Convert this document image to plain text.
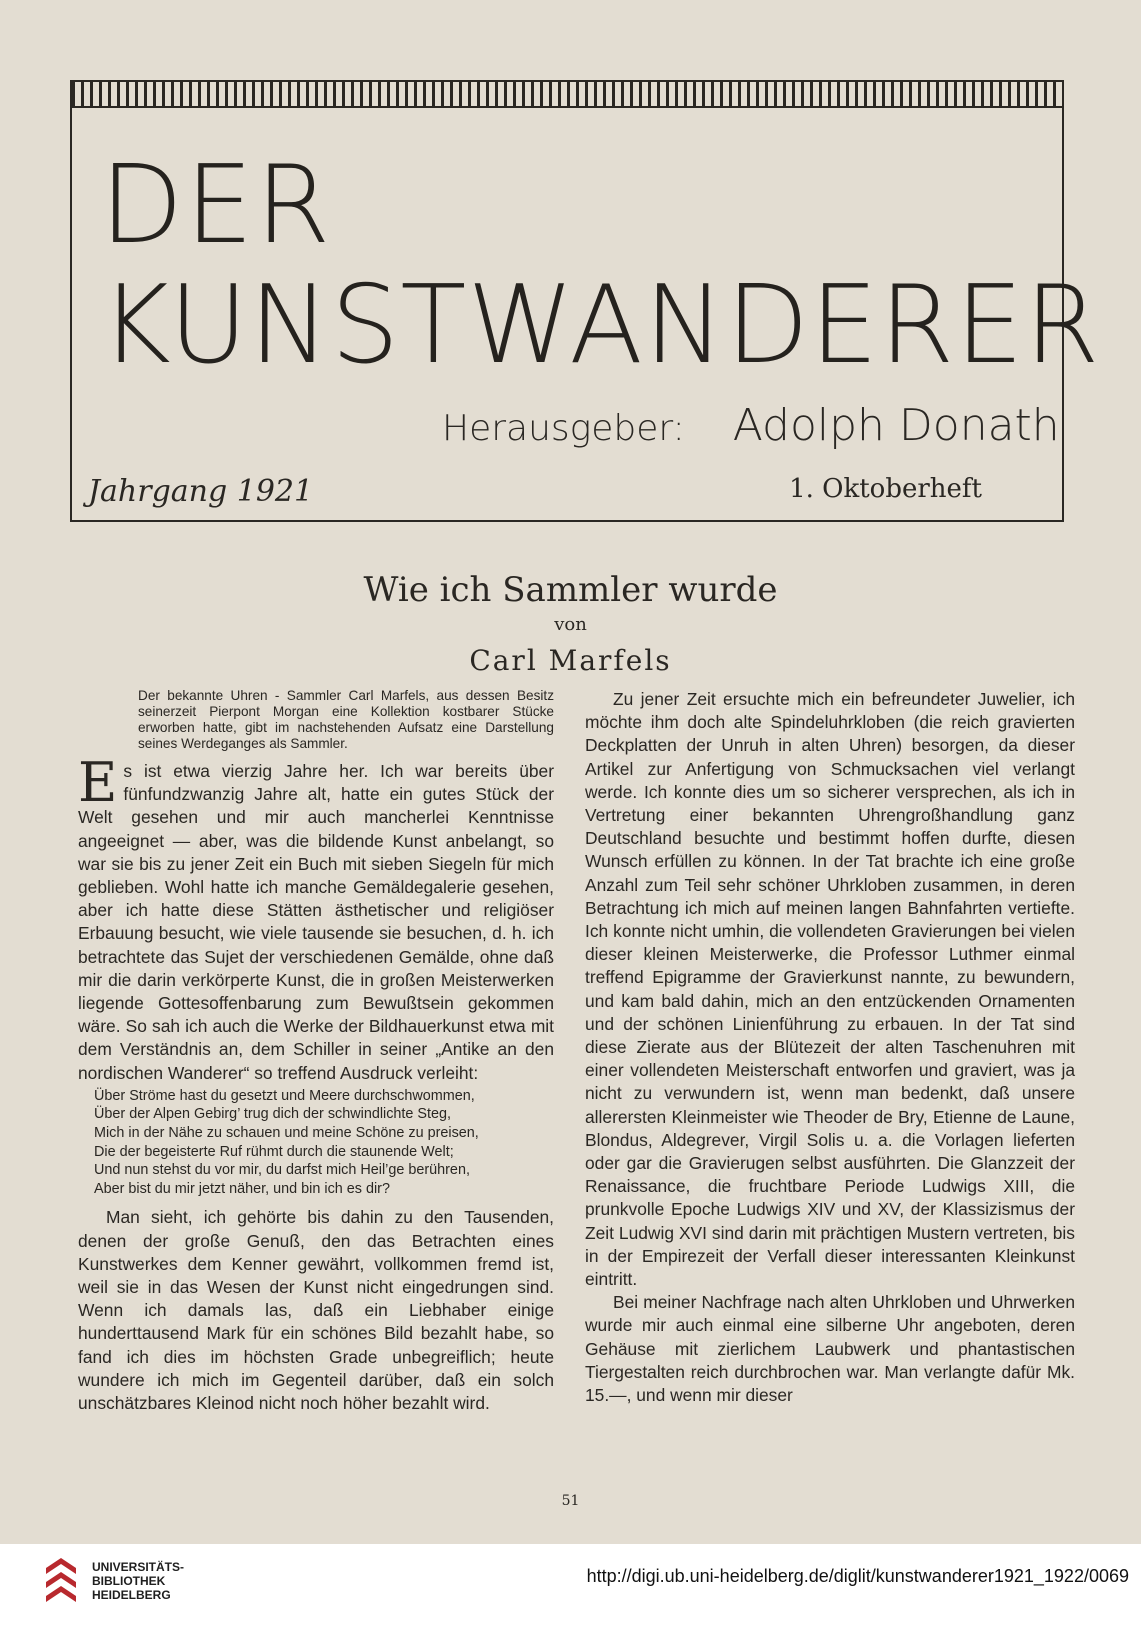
DER
KUNSTWANDERER
Herausgeber: Adolph Donath
Jahrgang 1921	1. Oktoberheft
Wie ich Sammler wurde
von
Carl Marfels
Der bekannte Uhren - Sammler Carl Marfels, aus dessen Besitz seinerzeit Pierpont Morgan eine Kollektion kostbarer Stücke erworben hatte, gibt im nachstehenden Aufsatz eine Darstellung seines Werdeganges als Sammler.

Es ist etwa vierzig Jahre her. Ich war bereits über fünfundzwanzig Jahre alt, hatte ein gutes Stück der Welt gesehen und mir auch mancherlei Kenntnisse angeeignet — aber, was die bildende Kunst anbelangt, so war sie bis zu jener Zeit ein Buch mit sieben Siegeln für mich geblieben. Wohl hatte ich manche Gemäldegalerie gesehen, aber ich hatte diese Stätten ästhetischer und religiöser Erbauung besucht, wie viele tausende sie besuchen, d. h. ich betrachtete das Sujet der verschiedenen Gemälde, ohne daß mir die darin verkörperte Kunst, die in großen Meisterwerken liegende Gottesoffenbarung zum Bewußtsein gekommen wäre. So sah ich auch die Werke der Bildhauerkunst etwa mit dem Verständnis an, dem Schiller in seiner „Antike an den nordischen Wanderer“ so treffend Ausdruck verleiht:

Über Ströme hast du gesetzt und Meere durchschwommen,
Über der Alpen Gebirg’ trug dich der schwindlichte Steg,
Mich in der Nähe zu schauen und meine Schöne zu preisen,
Die der begeisterte Ruf rühmt durch die staunende Welt;
Und nun stehst du vor mir, du darfst mich Heil’ge berühren,
Aber bist du mir jetzt näher, und bin ich es dir?

Man sieht, ich gehörte bis dahin zu den Tausenden, denen der große Genuß, den das Betrachten eines Kunstwerkes dem Kenner gewährt, vollkommen fremd ist, weil sie in das Wesen der Kunst nicht eingedrungen sind. Wenn ich damals las, daß ein Liebhaber einige hunderttausend Mark für ein schönes Bild bezahlt habe, so fand ich dies im höchsten Grade unbegreiflich; heute wundere ich mich im Gegenteil darüber, daß ein solch unschätzbares Kleinod nicht noch höher bezahlt wird.

Zu jener Zeit ersuchte mich ein befreundeter Juwelier, ich möchte ihm doch alte Spindeluhrkloben (die reich gravierten Deckplatten der Unruh in alten Uhren) besorgen, da dieser Artikel zur Anfertigung von Schmucksachen viel verlangt werde. Ich konnte dies um so sicherer versprechen, als ich in Vertretung einer bekannten Uhrengroßhandlung ganz Deutschland besuchte und bestimmt hoffen durfte, diesen Wunsch erfüllen zu können. In der Tat brachte ich eine große Anzahl zum Teil sehr schöner Uhrkloben zusammen, in deren Betrachtung ich mich auf meinen langen Bahnfahrten vertiefte. Ich konnte nicht umhin, die vollendeten Gravierungen bei vielen dieser kleinen Meisterwerke, die Professor Luthmer einmal treffend Epigramme der Gravierkunst nannte, zu bewundern, und kam bald dahin, mich an den entzückenden Ornamenten und der schönen Linienführung zu erbauen. In der Tat sind diese Zierate aus der Blütezeit der alten Taschenuhren mit einer vollendeten Meisterschaft entworfen und graviert, was ja nicht zu verwundern ist, wenn man bedenkt, daß unsere allerersten Kleinmeister wie Theoder de Bry, Etienne de Laune, Blondus, Aldegrever, Virgil Solis u. a. die Vorlagen lieferten oder gar die Gravierugen selbst ausführten. Die Glanzzeit der Renaissance, die fruchtbare Periode Ludwigs XIII, die prunkvolle Epoche Ludwigs XIV und XV, der Klassizismus der Zeit Ludwig XVI sind darin mit prächtigen Mustern vertreten, bis in der Empirezeit der Verfall dieser interessanten Kleinkunst eintritt.

Bei meiner Nachfrage nach alten Uhrkloben und Uhrwerken wurde mir auch einmal eine silberne Uhr angeboten, deren Gehäuse mit zierlichem Laubwerk und phantastischen Tiergestalten reich durchbrochen war. Man verlangte dafür Mk. 15.—, und wenn mir dieser

51
UNIVERSITÄTS-
BIBLIOTHEK
HEIDELBERG
http://digi.ub.uni-heidelberg.de/diglit/kunstwanderer1921_1922/0069
